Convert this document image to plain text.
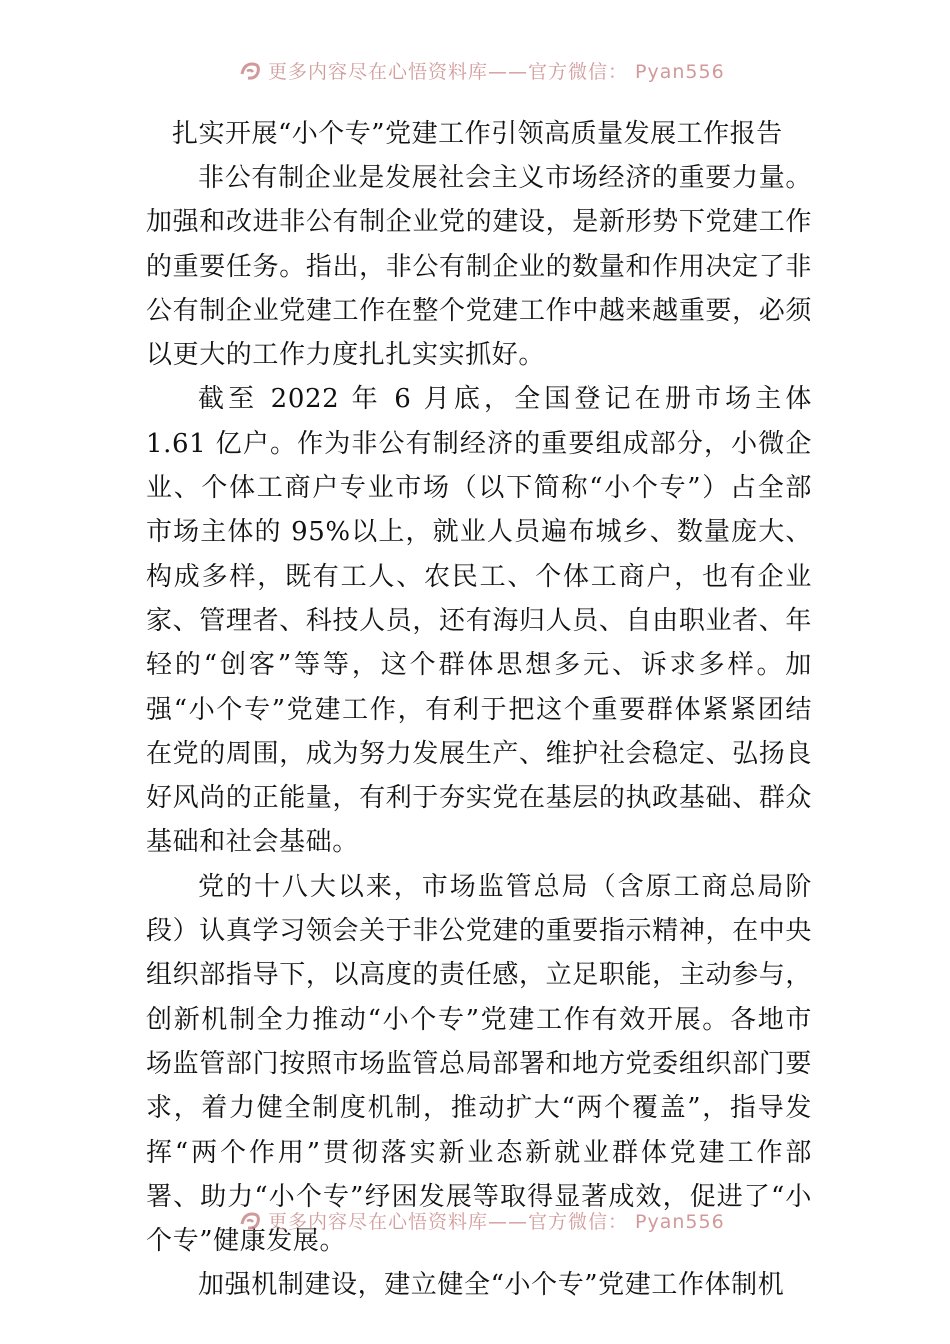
更多内容尽在心悟资料库——官方微信： Pyan556
扎实开展“小个专”党建工作引领高质量发展工作报告

非公有制企业是发展社会主义市场经济的重要力量。加强和改进非公有制企业党的建设，是新形势下党建工作的重要任务。指出，非公有制企业的数量和作用决定了非公有制企业党建工作在整个党建工作中越来越重要，必须以更大的工作力度扎扎实实抓好。

截至 2022 年 6 月底，全国登记在册市场主体 1.61 亿户。作为非公有制经济的重要组成部分，小微企业、个体工商户专业市场（以下简称“小个专”）占全部市场主体的 95%以上，就业人员遍布城乡、数量庞大、构成多样，既有工人、农民工、个体工商户，也有企业家、管理者、科技人员，还有海归人员、自由职业者、年轻的“创客”等等，这个群体思想多元、诉求多样。加强“小个专”党建工作，有利于把这个重要群体紧紧团结在党的周围，成为努力发展生产、维护社会稳定、弘扬良好风尚的正能量，有利于夯实党在基层的执政基础、群众基础和社会基础。

党的十八大以来，市场监管总局（含原工商总局阶段）认真学习领会关于非公党建的重要指示精神，在中央组织部指导下，以高度的责任感，立足职能，主动参与，创新机制全力推动“小个专”党建工作有效开展。各地市场监管部门按照市场监管总局部署和地方党委组织部门要求，着力健全制度机制，推动扩大“两个覆盖”，指导发挥“两个作用”贯彻落实新业态新就业群体党建工作部署、助力“小个专”纾困发展等取得显著成效，促进了“小个专”健康发展。

加强机制建设，建立健全“小个专”党建工作体制机

更多内容尽在心悟资料库——官方微信： Pyan556
